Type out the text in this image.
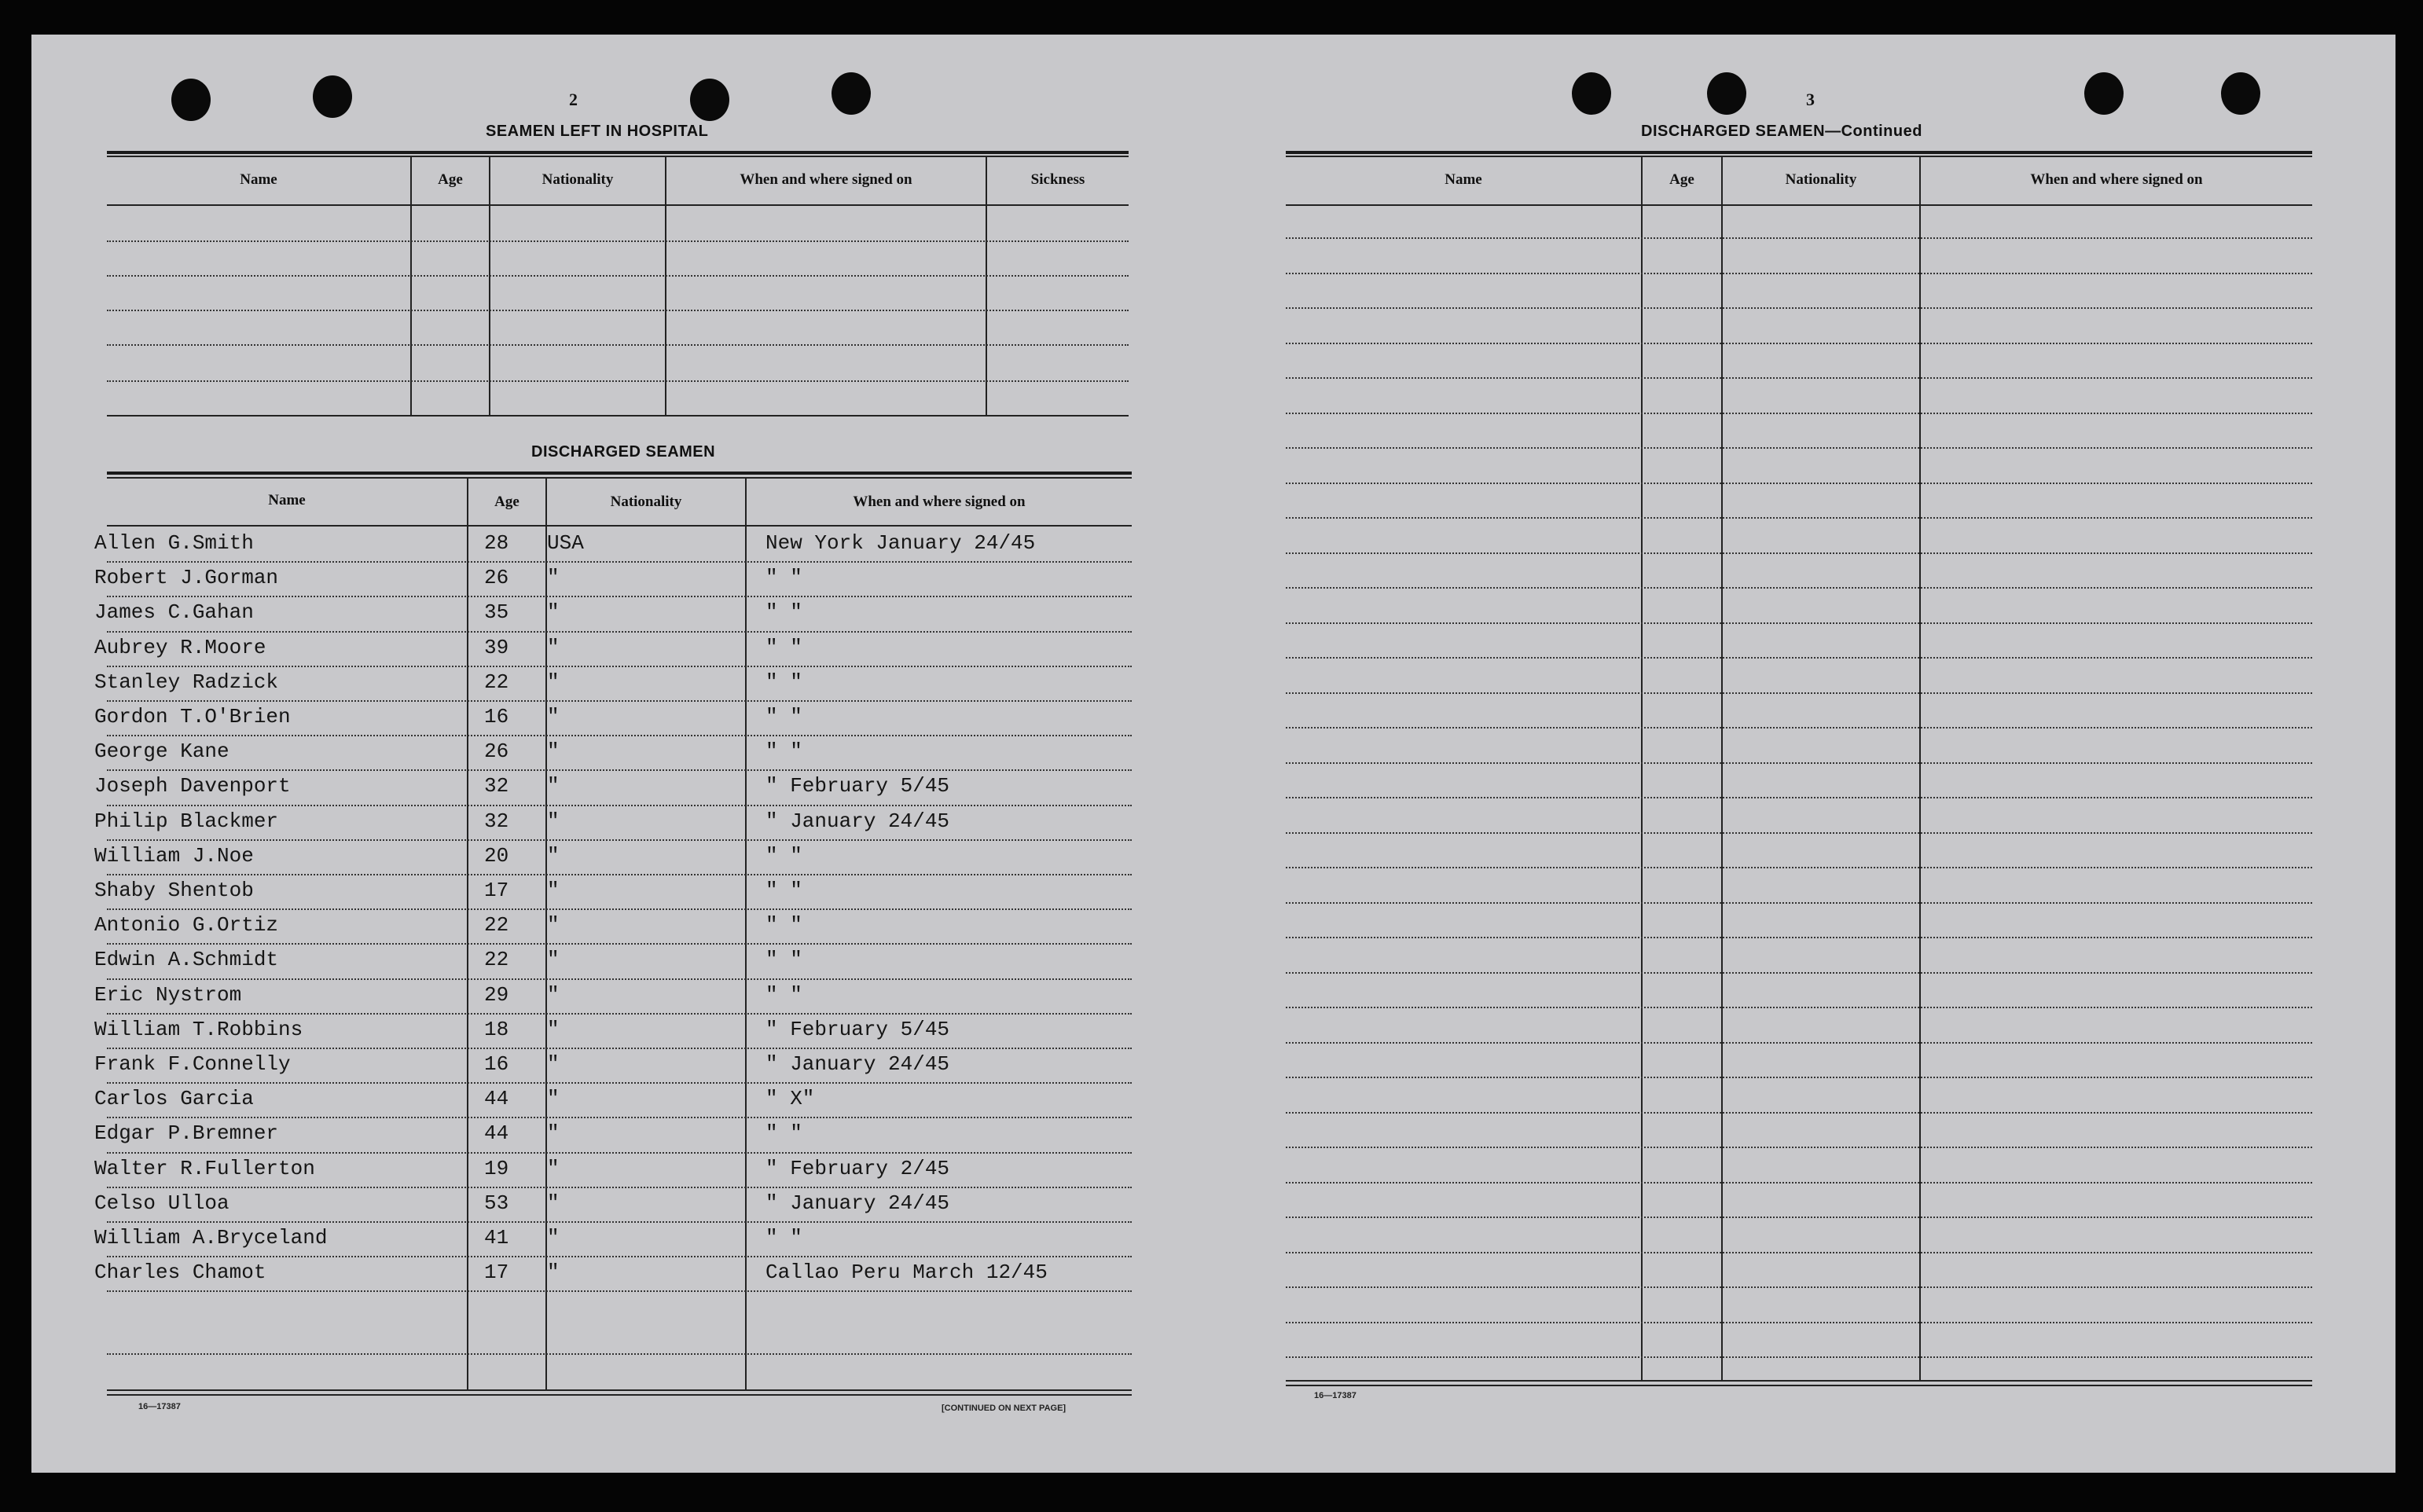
2
SEAMEN LEFT IN HOSPITAL
Name	Age	Nationality	When and where signed on	Sickness
DISCHARGED SEAMEN
Name	Age	Nationality	When and where signed on
Allen G.Smith	28 USA	New York January 24/45
Robert J.Gorman	26 "	" "
James C.Gahan	35 "	" "
Aubrey R.Moore	39 "	" "
Stanley Radzick	22 "	" "
Gordon T.O'Brien	16 "	" "
George Kane	26 "	" "
Joseph Davenport	32 "	" February 5/45
Philip Blackmer	32 "	" January 24/45
William J.Noe	20 "	" "
Shaby Shentob	17 "	" "
Antonio G.Ortiz	22 "	" "
Edwin A.Schmidt	22 "	" "
Eric Nystrom	29 "	" "
William T.Robbins	18 "	" February 5/45
Frank F.Connelly	16 "	" January 24/45
Carlos Garcia	44 "	" X"
Edgar P.Bremner	44 "	" "
Walter R.Fullerton	19 "	" February 2/45
Celso Ulloa	53 "	" January 24/45
William A.Bryceland	41 "	" "
Charles Chamot	17 "	Callao Peru March 12/45
16—17387	[CONTINUED ON NEXT PAGE]
3
DISCHARGED SEAMEN—Continued
Name	Age	Nationality	When and where signed on
16—17387
